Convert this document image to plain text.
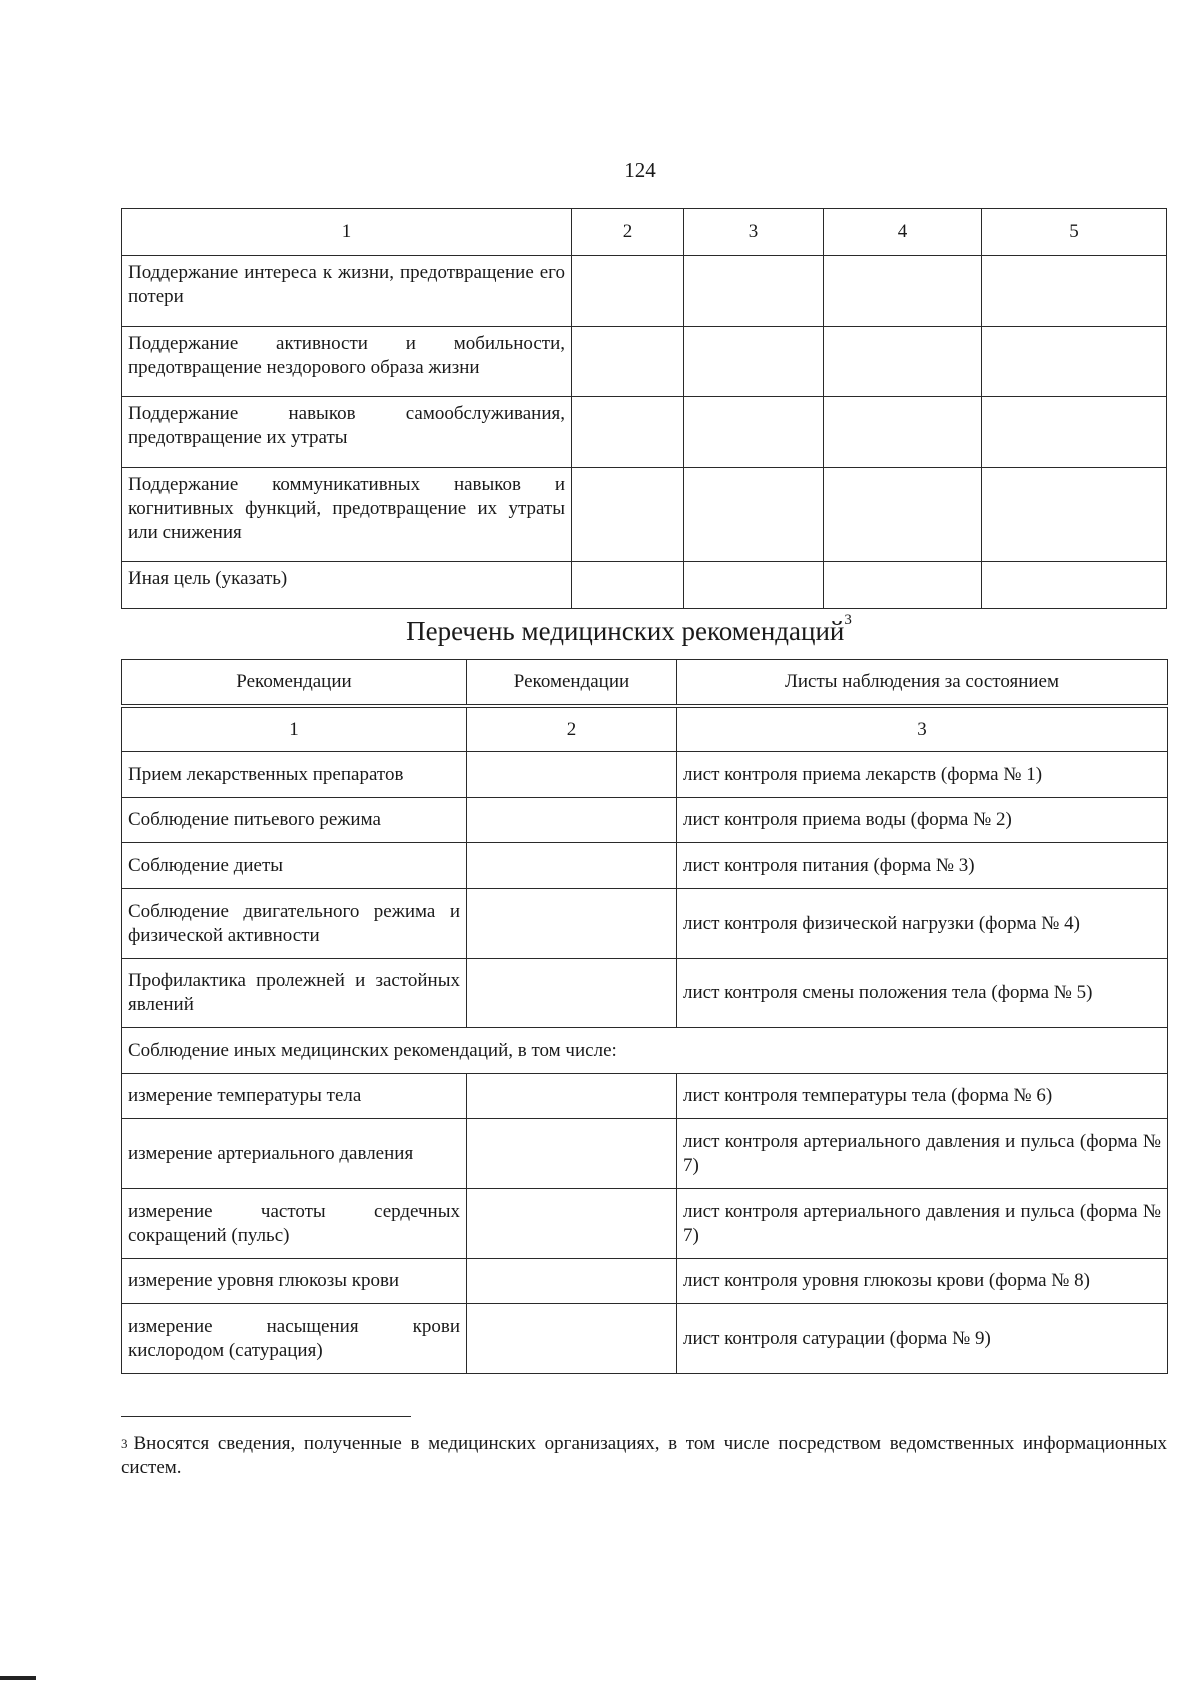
124
1	2	3	4	5
Поддержание интереса к жизни, предотвращение его потери				
Поддержание активности и мобильности, предотвращение нездорового образа жизни				
Поддержание навыков самообслуживания, предотвращение их утраты				
Поддержание коммуникативных навыков и когнитивных функций, предотвращение их утраты или снижения				
Иная цель (указать)				
Перечень медицинских рекомендаций$^3$
Рекомендации	Рекомендации	Листы наблюдения за состоянием

1	2	3
Прием лекарственных препаратов		лист контроля приема лекарств (форма № 1)
Соблюдение питьевого режима		лист контроля приема воды (форма № 2)
Соблюдение диеты		лист контроля питания (форма № 3)
Соблюдение двигательного режима и физической активности		лист контроля физической нагрузки (форма № 4)
Профилактика пролежней и застойных явлений		лист контроля смены положения тела (форма № 5)
Соблюдение иных медицинских рекомендаций, в том числе:		
измерение температуры тела		лист контроля температуры тела (форма № 6)
измерение артериального давления		лист контроля артериального давления и пульса (форма № 7)
измерение частоты сердечных сокращений (пульс)		лист контроля артериального давления и пульса (форма № 7)
измерение уровня глюкозы крови		лист контроля уровня глюкозы крови (форма № 8)
измерение насыщения крови кислородом (сатурация)		лист контроля сатурации (форма № 9)
$^3$ Вносятся сведения, полученные в медицинских организациях, в том числе посредством ведомственных информационных систем.
